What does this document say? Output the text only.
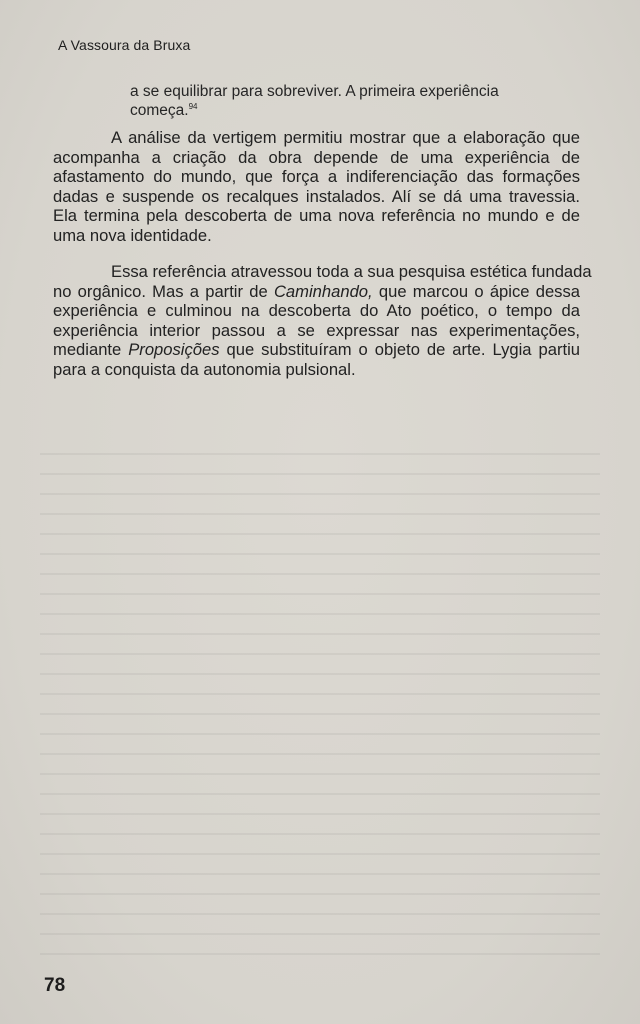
A Vassoura da Bruxa
a se equilibrar para sobreviver. A primeira experiência
começa.$^{94}$
A análise da vertigem permitiu mostrar que a elaboração que
acompanha a criação da obra depende de uma experiência de
afastamento do mundo, que força a indiferenciação das formações
dadas e suspende os recalques instalados. Alí se dá uma travessia.
Ela termina pela descoberta de uma nova referência no mundo e de
uma nova identidade.
Essa referência atravessou toda a sua pesquisa estética fundada
no orgânico. Mas a partir de Caminhando, que marcou o ápice dessa
experiência e culminou na descoberta do Ato poético, o tempo da
experiência interior passou a se expressar nas experimentações,
mediante Proposições que substituíram o objeto de arte. Lygia partiu
para a conquista da autonomia pulsional.
78
